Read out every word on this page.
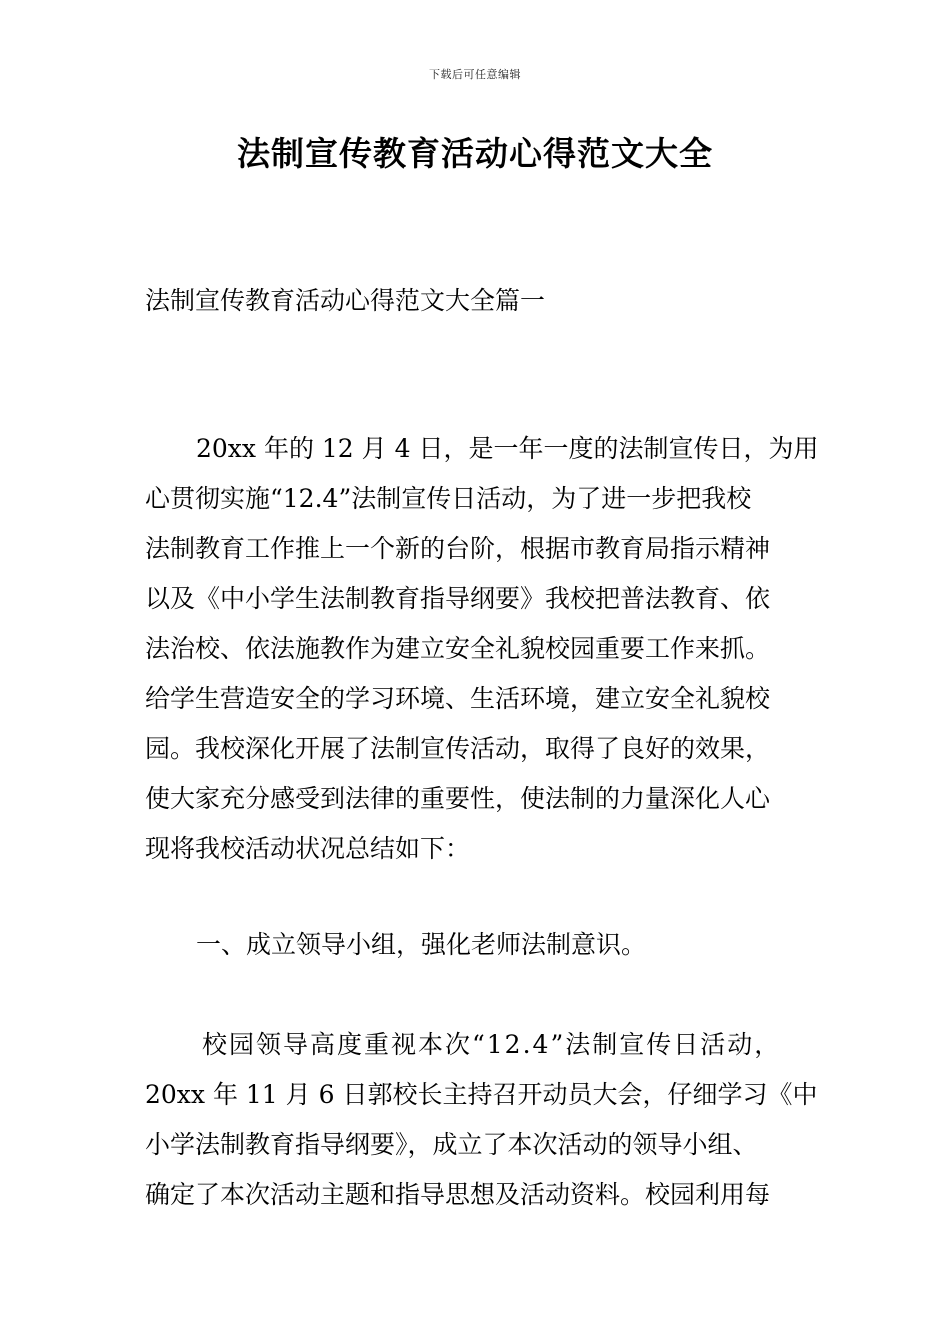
下载后可任意编辑
法制宣传教育活动心得范文大全
法制宣传教育活动心得范文大全篇一
20xx 年的 12 月 4 日，是一年一度的法制宣传日，为用
心贯彻实施“12.4”法制宣传日活动，为了进一步把我校
法制教育工作推上一个新的台阶，根据市教育局指示精神
以及《中小学生法制教育指导纲要》我校把普法教育、依
法治校、依法施教作为建立安全礼貌校园重要工作来抓。
给学生营造安全的学习环境、生活环境，建立安全礼貌校
园。我校深化开展了法制宣传活动，取得了良好的效果，
使大家充分感受到法律的重要性，使法制的力量深化人心
现将我校活动状况总结如下：
一、成立领导小组，强化老师法制意识。
校园领导高度重视本次“12.4”法制宣传日活动，
20xx 年 11 月 6 日郭校长主持召开动员大会，仔细学习《中
小学法制教育指导纲要》，成立了本次活动的领导小组、
确定了本次活动主题和指导思想及活动资料。校园利用每
